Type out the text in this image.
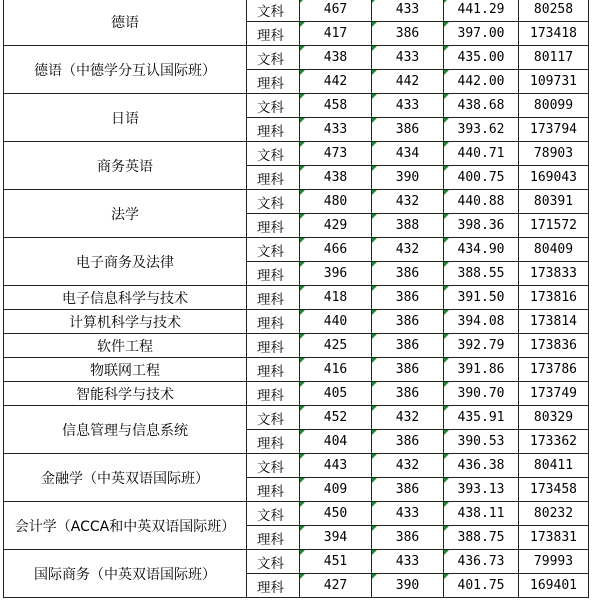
德语	文科	467	433	441.29	80258
	理科	417	386	397.00	173418
德语（中德学分互认国际班）	文科	438	433	435.00	80117
	理科	442	442	442.00	109731
日语	文科	458	433	438.68	80099
	理科	433	386	393.62	173794
商务英语	文科	473	434	440.71	78903
	理科	438	390	400.75	169043
法学	文科	480	432	440.88	80391
	理科	429	388	398.36	171572
电子商务及法律	文科	466	432	434.90	80409
	理科	396	386	388.55	173833
电子信息科学与技术	理科	418	386	391.50	173816
计算机科学与技术	理科	440	386	394.08	173814
软件工程	理科	425	386	392.79	173836
物联网工程	理科	416	386	391.86	173786
智能科学与技术	理科	405	386	390.70	173749
信息管理与信息系统	文科	452	432	435.91	80329
	理科	404	386	390.53	173362
金融学（中英双语国际班）	文科	443	432	436.38	80411
	理科	409	386	393.13	173458
会计学（ACCA和中英双语国际班）	文科	450	433	438.11	80232
	理科	394	386	388.75	173831
国际商务（中英双语国际班）	文科	451	433	436.73	79993
	理科	427	390	401.75	169401
